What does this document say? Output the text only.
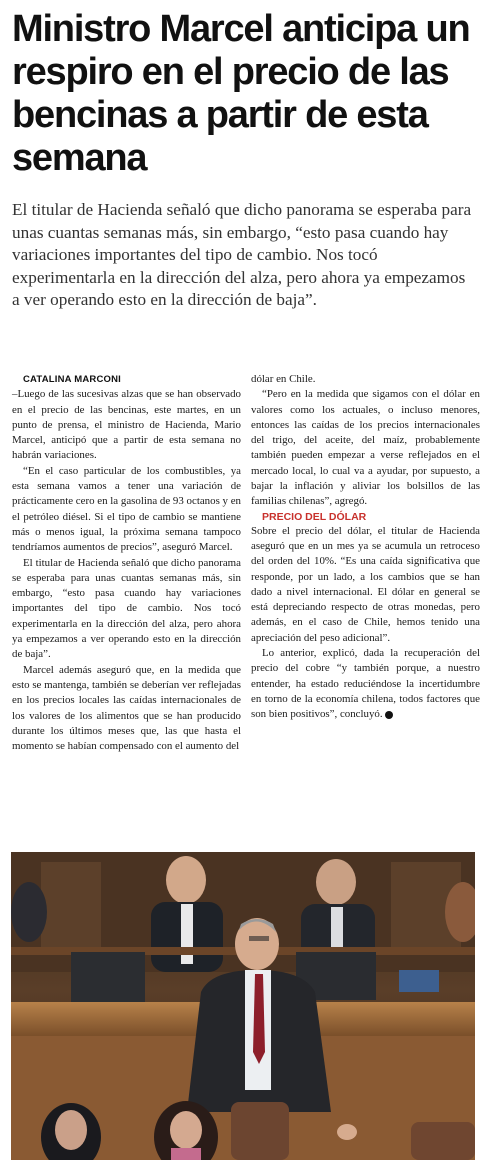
Ministro Marcel anticipa un respiro en el precio de las bencinas a partir de esta semana

El titular de Hacienda señaló que dicho panorama se esperaba para unas cuantas semanas más, sin embargo, “esto pasa cuando hay variaciones importantes del tipo de cambio. Nos tocó experimentarla en la dirección del alza, pero ahora ya empezamos a ver operando esto en la dirección de baja”.

CATALINA MARCONI

–Luego de las sucesivas alzas que se han observado en el precio de las bencinas, este martes, en un punto de prensa, el ministro de Hacienda, Mario Marcel, anticipó que a partir de esta semana no habrán variaciones.

“En el caso particular de los combustibles, ya esta semana vamos a tener una variación de prácticamente cero en la gasolina de 93 octanos y en el petróleo diésel. Si el tipo de cambio se mantiene más o menos igual, la próxima semana tampoco tendríamos aumentos de precios”, aseguró Marcel.

El titular de Hacienda señaló que dicho panorama se esperaba para unas cuantas semanas más, sin embargo, “esto pasa cuando hay variaciones importantes del tipo de cambio. Nos tocó experimentarla en la dirección del alza, pero ahora ya empezamos a ver operando esto en la dirección de baja”.

Marcel además aseguró que, en la medida que esto se mantenga, también se deberían ver reflejadas en los precios locales las caídas internacionales de los valores de los alimentos que se han producido durante los últimos meses que, las que hasta el momento se habían compensado con el aumento del

dólar en Chile.

“Pero en la medida que sigamos con el dólar en valores como los actuales, o incluso menores, entonces las caídas de los precios internacionales del trigo, del aceite, del maíz, probablemente también pueden empezar a verse reflejados en el mercado local, lo cual va a ayudar, por supuesto, a bajar la inflación y aliviar los bolsillos de las familias chilenas”, agregó.

PRECIO DEL DÓLAR

Sobre el precio del dólar, el titular de Hacienda aseguró que en un mes ya se acumula un retroceso del orden del 10%. “Es una caída significativa que responde, por un lado, a los cambios que se han dado a nivel internacional. El dólar en general se está depreciando respecto de otras monedas, pero además, en el caso de Chile, hemos tenido una apreciación del peso adicional”.

Lo anterior, explicó, dada la recuperación del precio del cobre “y también porque, a nuestro entender, ha estado reduciéndose la incertidumbre en torno de la economía chilena, todos factores que son bien positivos”, concluyó. P
